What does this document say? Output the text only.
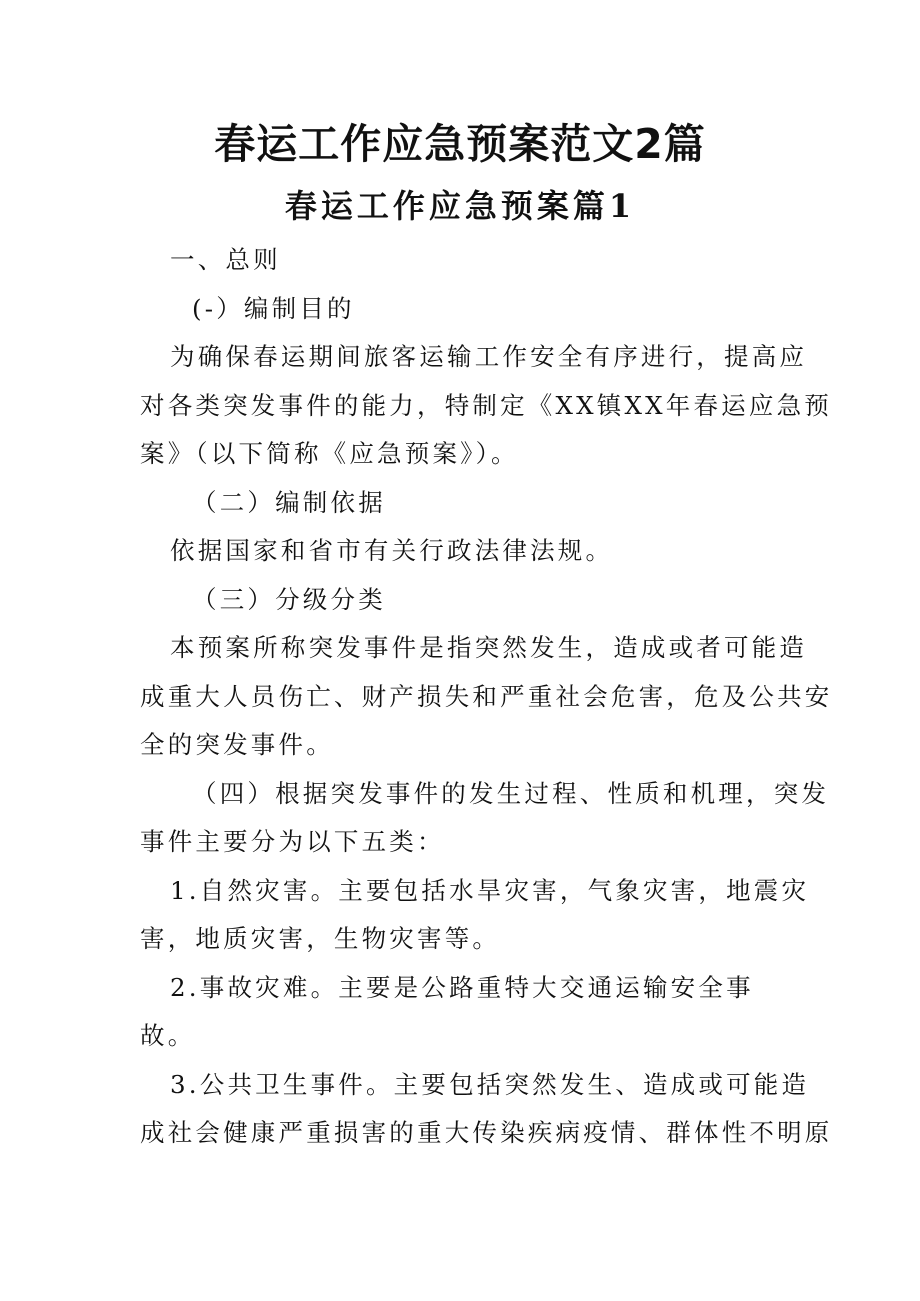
春运工作应急预案范文2篇
春运工作应急预案篇1

一、总则

(-）编制目的

为确保春运期间旅客运输工作安全有序进行，提高应

对各类突发事件的能力，特制定《XX镇XX年春运应急预

案》（以下简称《应急预案》）。

（二）编制依据

依据国家和省市有关行政法律法规。

（三）分级分类

本预案所称突发事件是指突然发生，造成或者可能造

成重大人员伤亡、财产损失和严重社会危害，危及公共安

全的突发事件。

（四）根据突发事件的发生过程、性质和机理，突发

事件主要分为以下五类：

1.自然灾害。主要包括水旱灾害，气象灾害，地震灾

害，地质灾害，生物灾害等。

2.事故灾难。主要是公路重特大交通运输安全事

故。

3.公共卫生事件。主要包括突然发生、造成或可能造

成社会健康严重损害的重大传染疾病疫情、群体性不明原
